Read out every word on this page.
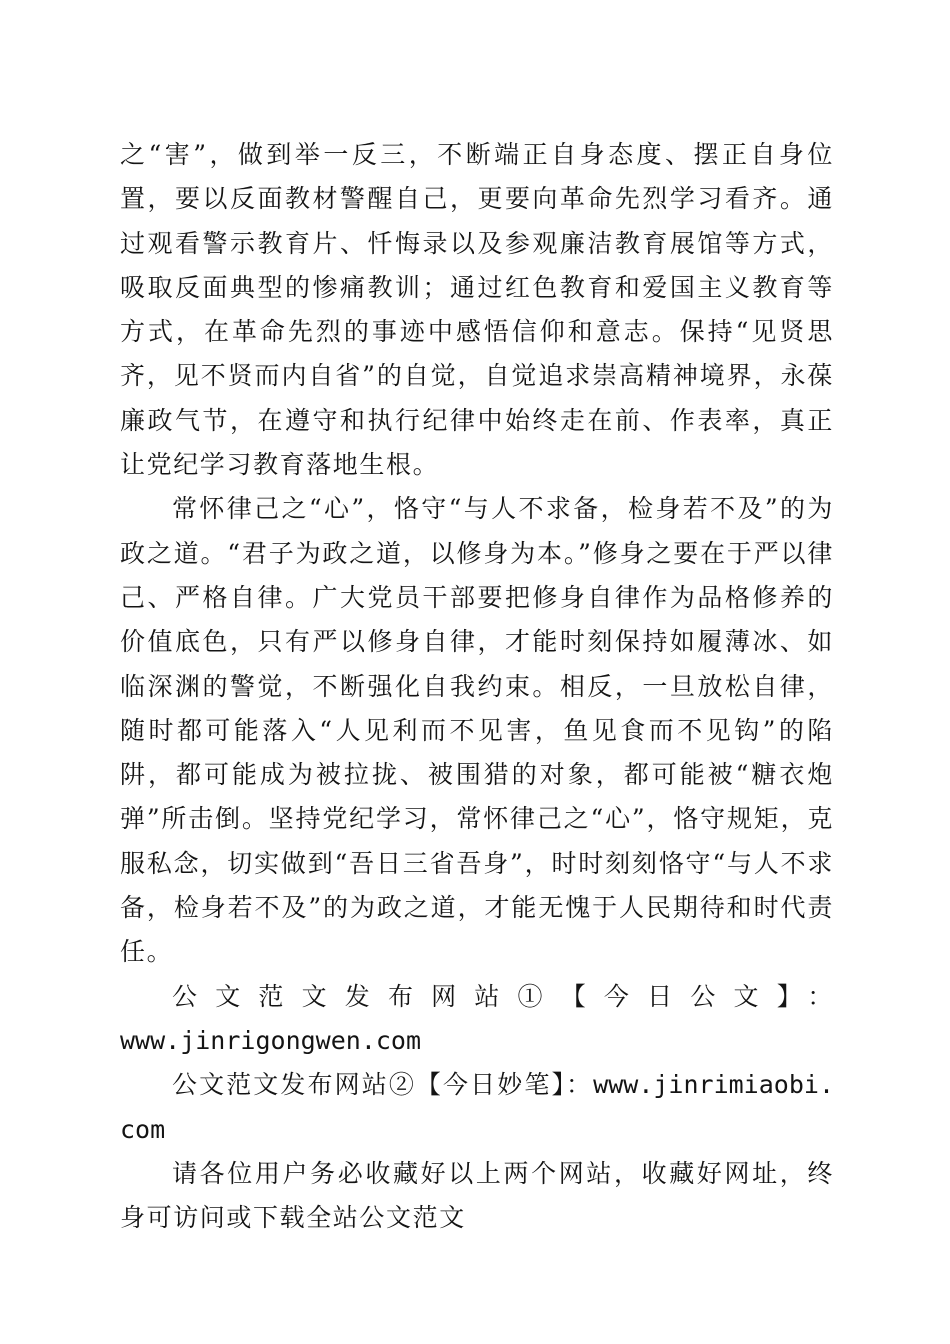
之“害”，做到举一反三，不断端正自身态度、摆正自身位置，要以反面教材警醒自己，更要向革命先烈学习看齐。通过观看警示教育片、忏悔录以及参观廉洁教育展馆等方式，吸取反面典型的惨痛教训；通过红色教育和爱国主义教育等方式，在革命先烈的事迹中感悟信仰和意志。保持“见贤思齐，见不贤而内自省”的自觉，自觉追求崇高精神境界，永葆廉政气节，在遵守和执行纪律中始终走在前、作表率，真正让党纪学习教育落地生根。

常怀律己之“心”，恪守“与人不求备，检身若不及”的为政之道。“君子为政之道，以修身为本。”修身之要在于严以律己、严格自律。广大党员干部要把修身自律作为品格修养的价值底色，只有严以修身自律，才能时刻保持如履薄冰、如临深渊的警觉，不断强化自我约束。相反，一旦放松自律，随时都可能落入“人见利而不见害，鱼见食而不见钩”的陷阱，都可能成为被拉拢、被围猎的对象，都可能被“糖衣炮弹”所击倒。坚持党纪学习，常怀律己之“心”，恪守规矩，克服私念，切实做到“吾日三省吾身”，时时刻刻恪守“与人不求备，检身若不及”的为政之道，才能无愧于人民期待和时代责任。

公文范文发布网站①【今日公文】：

www.jinrigongwen.com

公文范文发布网站②【今日妙笔】：www.jinrimiaobi.com

请各位用户务必收藏好以上两个网站，收藏好网址，终身可访问或下载全站公文范文
